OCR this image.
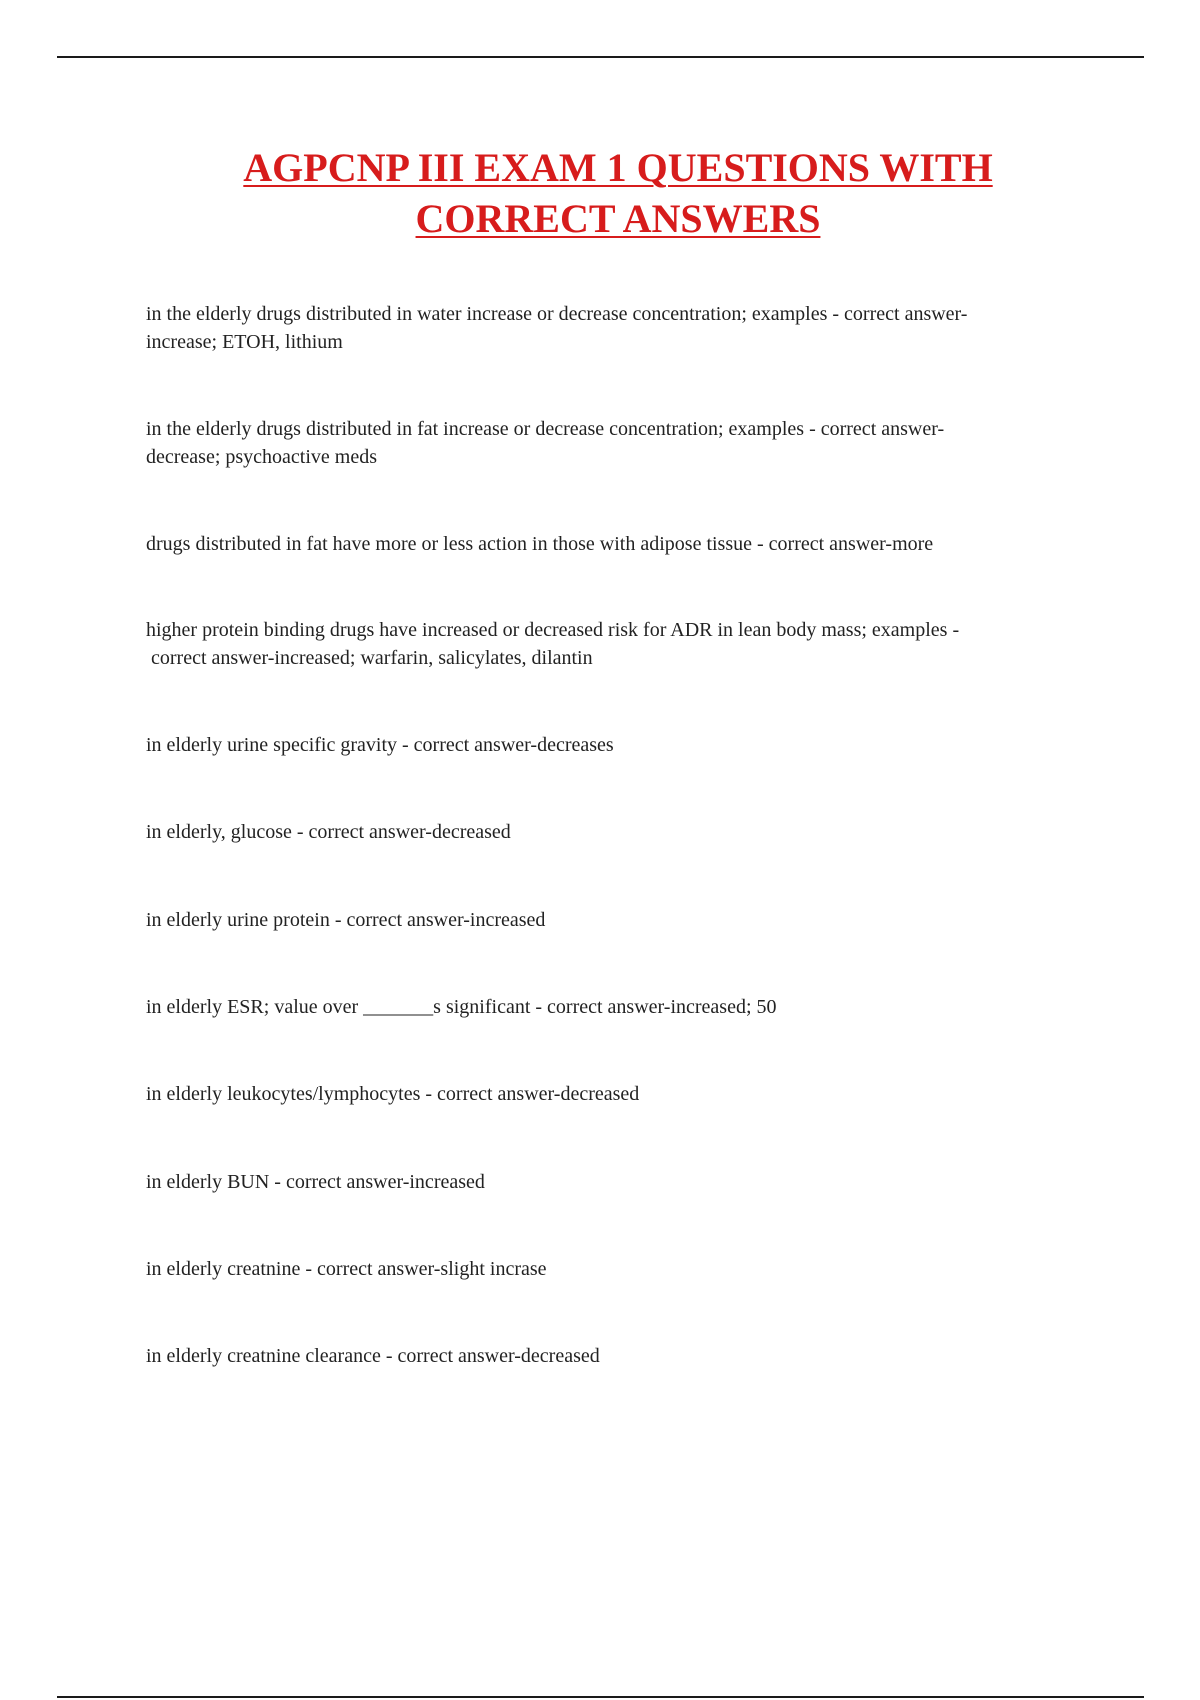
AGPCNP III EXAM 1 QUESTIONS WITH
CORRECT ANSWERS

in the elderly drugs distributed in water increase or decrease concentration; examples - correct answer-
increase; ETOH, lithium

in the elderly drugs distributed in fat increase or decrease concentration; examples - correct answer-
decrease; psychoactive meds

drugs distributed in fat have more or less action in those with adipose tissue - correct answer-more

higher protein binding drugs have increased or decreased risk for ADR in lean body mass; examples -
correct answer-increased; warfarin, salicylates, dilantin

in elderly urine specific gravity - correct answer-decreases

in elderly, glucose - correct answer-decreased

in elderly urine protein - correct answer-increased

in elderly ESR; value over _______s significant - correct answer-increased; 50

in elderly leukocytes/lymphocytes - correct answer-decreased

in elderly BUN - correct answer-increased

in elderly creatnine - correct answer-slight incrase

in elderly creatnine clearance - correct answer-decreased
